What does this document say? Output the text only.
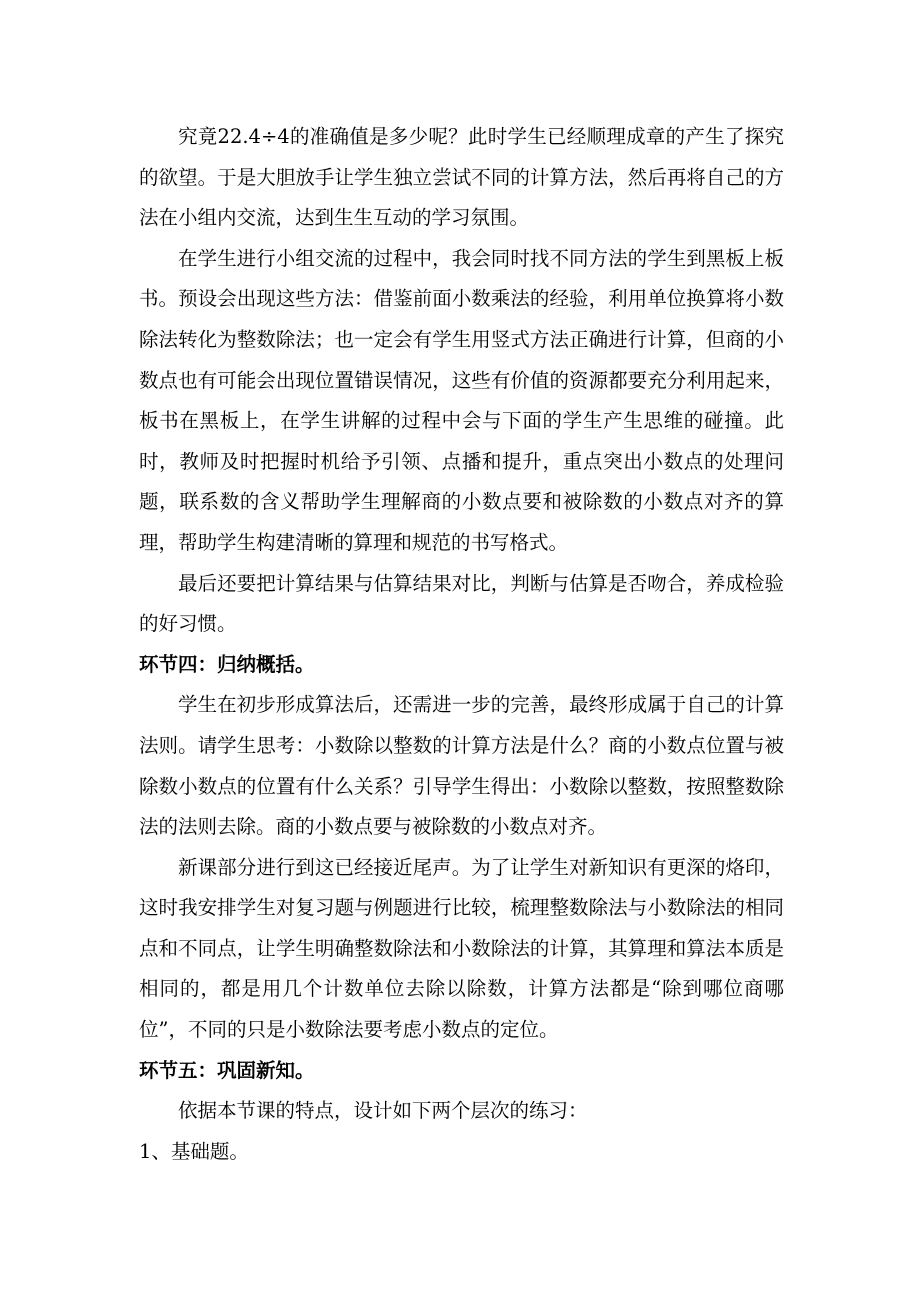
究竟22.4÷4的准确值是多少呢？此时学生已经顺理成章的产生了探究的欲望。于是大胆放手让学生独立尝试不同的计算方法，然后再将自己的方法在小组内交流，达到生生互动的学习氛围。

在学生进行小组交流的过程中，我会同时找不同方法的学生到黑板上板书。预设会出现这些方法：借鉴前面小数乘法的经验，利用单位换算将小数除法转化为整数除法；也一定会有学生用竖式方法正确进行计算，但商的小数点也有可能会出现位置错误情况，这些有价值的资源都要充分利用起来，板书在黑板上，在学生讲解的过程中会与下面的学生产生思维的碰撞。此时，教师及时把握时机给予引领、点播和提升，重点突出小数点的处理问题，联系数的含义帮助学生理解商的小数点要和被除数的小数点对齐的算理，帮助学生构建清晰的算理和规范的书写格式。

最后还要把计算结果与估算结果对比，判断与估算是否吻合，养成检验的好习惯。

环节四：归纳概括。

学生在初步形成算法后，还需进一步的完善，最终形成属于自己的计算法则。请学生思考：小数除以整数的计算方法是什么？商的小数点位置与被除数小数点的位置有什么关系？引导学生得出：小数除以整数，按照整数除法的法则去除。商的小数点要与被除数的小数点对齐。

新课部分进行到这已经接近尾声。为了让学生对新知识有更深的烙印，这时我安排学生对复习题与例题进行比较，梳理整数除法与小数除法的相同点和不同点，让学生明确整数除法和小数除法的计算，其算理和算法本质是相同的，都是用几个计数单位去除以除数，计算方法都是“除到哪位商哪位”，不同的只是小数除法要考虑小数点的定位。

环节五：巩固新知。

依据本节课的特点，设计如下两个层次的练习：

1、基础题。
